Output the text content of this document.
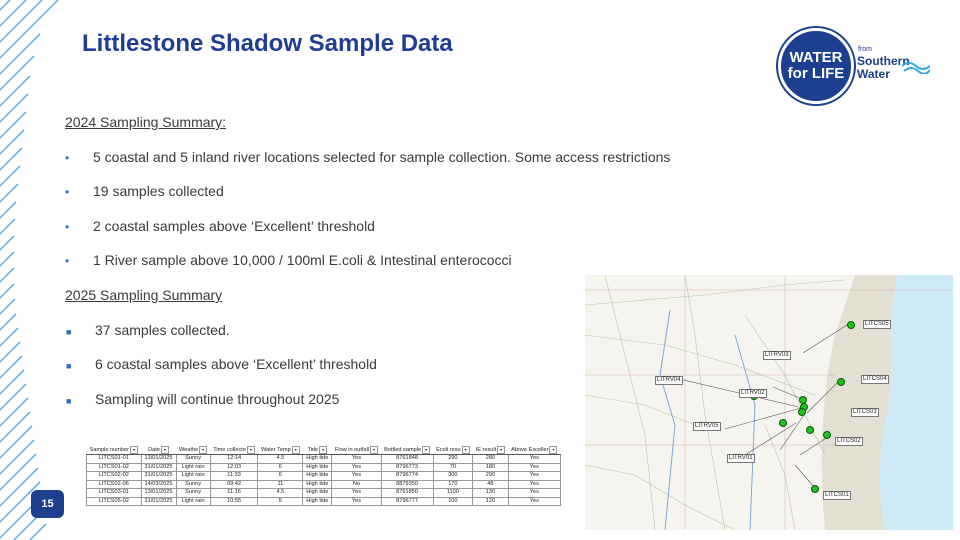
Littlestone Shadow Sample Data
WATER
for LIFE
from
Southern
Water
2024 Sampling Summary:
•	5 coastal and 5 inland river locations selected for sample collection. Some access restrictions
•	19 samples collected
•	2 coastal samples above ‘Excellent’ threshold
•	1 River sample above 10,000 / 100ml E.coli & Intestinal enterococci
2025 Sampling Summary
■	37 samples collected.
■	6 coastal samples above ‘Excellent’ threshold
■	Sampling will continue throughout 2025
Sample number ▾	Date ▾	Weathe ▾	Time collecte ▾	Water Temp ▾	Tide ▾	Flow in outfall ▾	Bottled sample ▾	Ecoli resu ▾	IE result ▾	Above Exceller ▾
LITCS01-01	13/01/2025	Sunny	12:14	4.5	High tide	Yes	8761848	290	280	Yes
LITCS01-02	31/01/2025	Light rain	12:03	6	High tide	Yes	8796773	70	180	Yes
LITCS02-02	31/01/2025	Light rain	11:33	6	High tide	Yes	8796774	300	290	Yes
LITCS02-06	14/03/2025	Sunny	09:42	11	High tide	No	8879350	170	48	Yes
LITCS03-01	13/01/2025	Sunny	11:16	4.5	High tide	Yes	8761850	1100	130	Yes
LITCS05-02	31/01/2025	Light rain	10:55	5	High tide	Yes	8796777	100	120	Yes
LITCS05
LITRV03
LITCS04
LITRV04
LITRV02
LITCS03
LITRV05
LITCS02
LITRV01
LITCS01
15
